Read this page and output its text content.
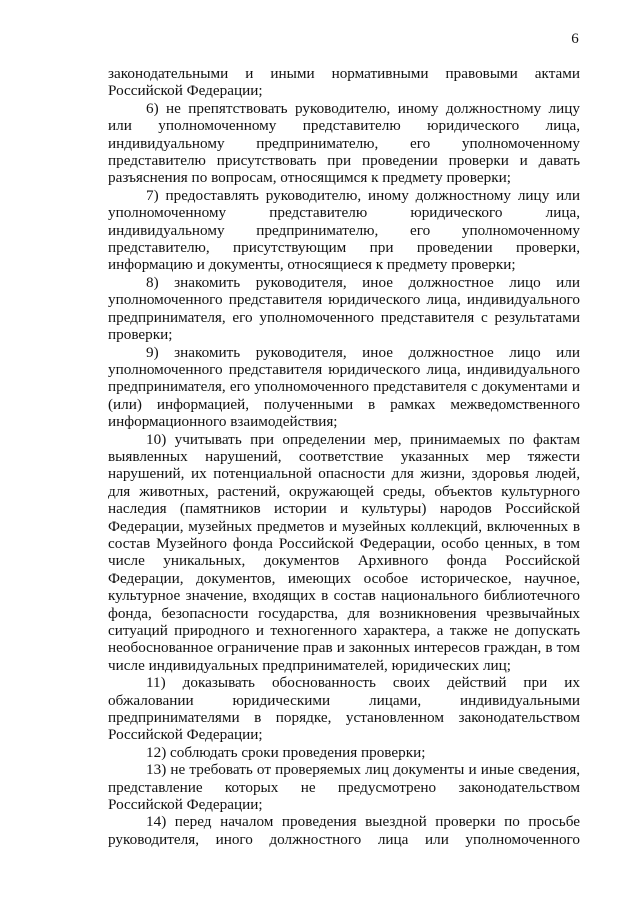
6

законодательными и иными нормативными правовыми актами Российской Федерации;

6) не препятствовать руководителю, иному должностному лицу или уполномоченному представителю юридического лица, индивидуальному предпринимателю, его уполномоченному представителю присутствовать при проведении проверки и давать разъяснения по вопросам, относящимся к предмету проверки;

7) предоставлять руководителю, иному должностному лицу или уполномоченному представителю юридического лица, индивидуальному предпринимателю, его уполномоченному представителю, присутствующим при проведении проверки, информацию и документы, относящиеся к предмету проверки;

8) знакомить руководителя, иное должностное лицо или уполномоченного представителя юридического лица, индивидуального предпринимателя, его уполномоченного представителя с результатами проверки;

9) знакомить руководителя, иное должностное лицо или уполномоченного представителя юридического лица, индивидуального предпринимателя, его уполномоченного представителя с документами и (или) информацией, полученными в рамках межведомственного информационного взаимодействия;

10) учитывать при определении мер, принимаемых по фактам выявленных нарушений, соответствие указанных мер тяжести нарушений, их потенциальной опасности для жизни, здоровья людей, для животных, растений, окружающей среды, объектов культурного наследия (памятников истории и культуры) народов Российской Федерации, музейных предметов и музейных коллекций, включенных в состав Музейного фонда Российской Федерации, особо ценных, в том числе уникальных, документов Архивного фонда Российской Федерации, документов, имеющих особое историческое, научное, культурное значение, входящих в состав национального библиотечного фонда, безопасности государства, для возникновения чрезвычайных ситуаций природного и техногенного характера, а также не допускать необоснованное ограничение прав и законных интересов граждан, в том числе индивидуальных предпринимателей, юридических лиц;

11) доказывать обоснованность своих действий при их обжаловании юридическими лицами, индивидуальными предпринимателями в порядке, установленном законодательством Российской Федерации;

12) соблюдать сроки проведения проверки;

13) не требовать от проверяемых лиц документы и иные сведения, представление которых не предусмотрено законодательством Российской Федерации;

14) перед началом проведения выездной проверки по просьбе руководителя, иного должностного лица или уполномоченного
